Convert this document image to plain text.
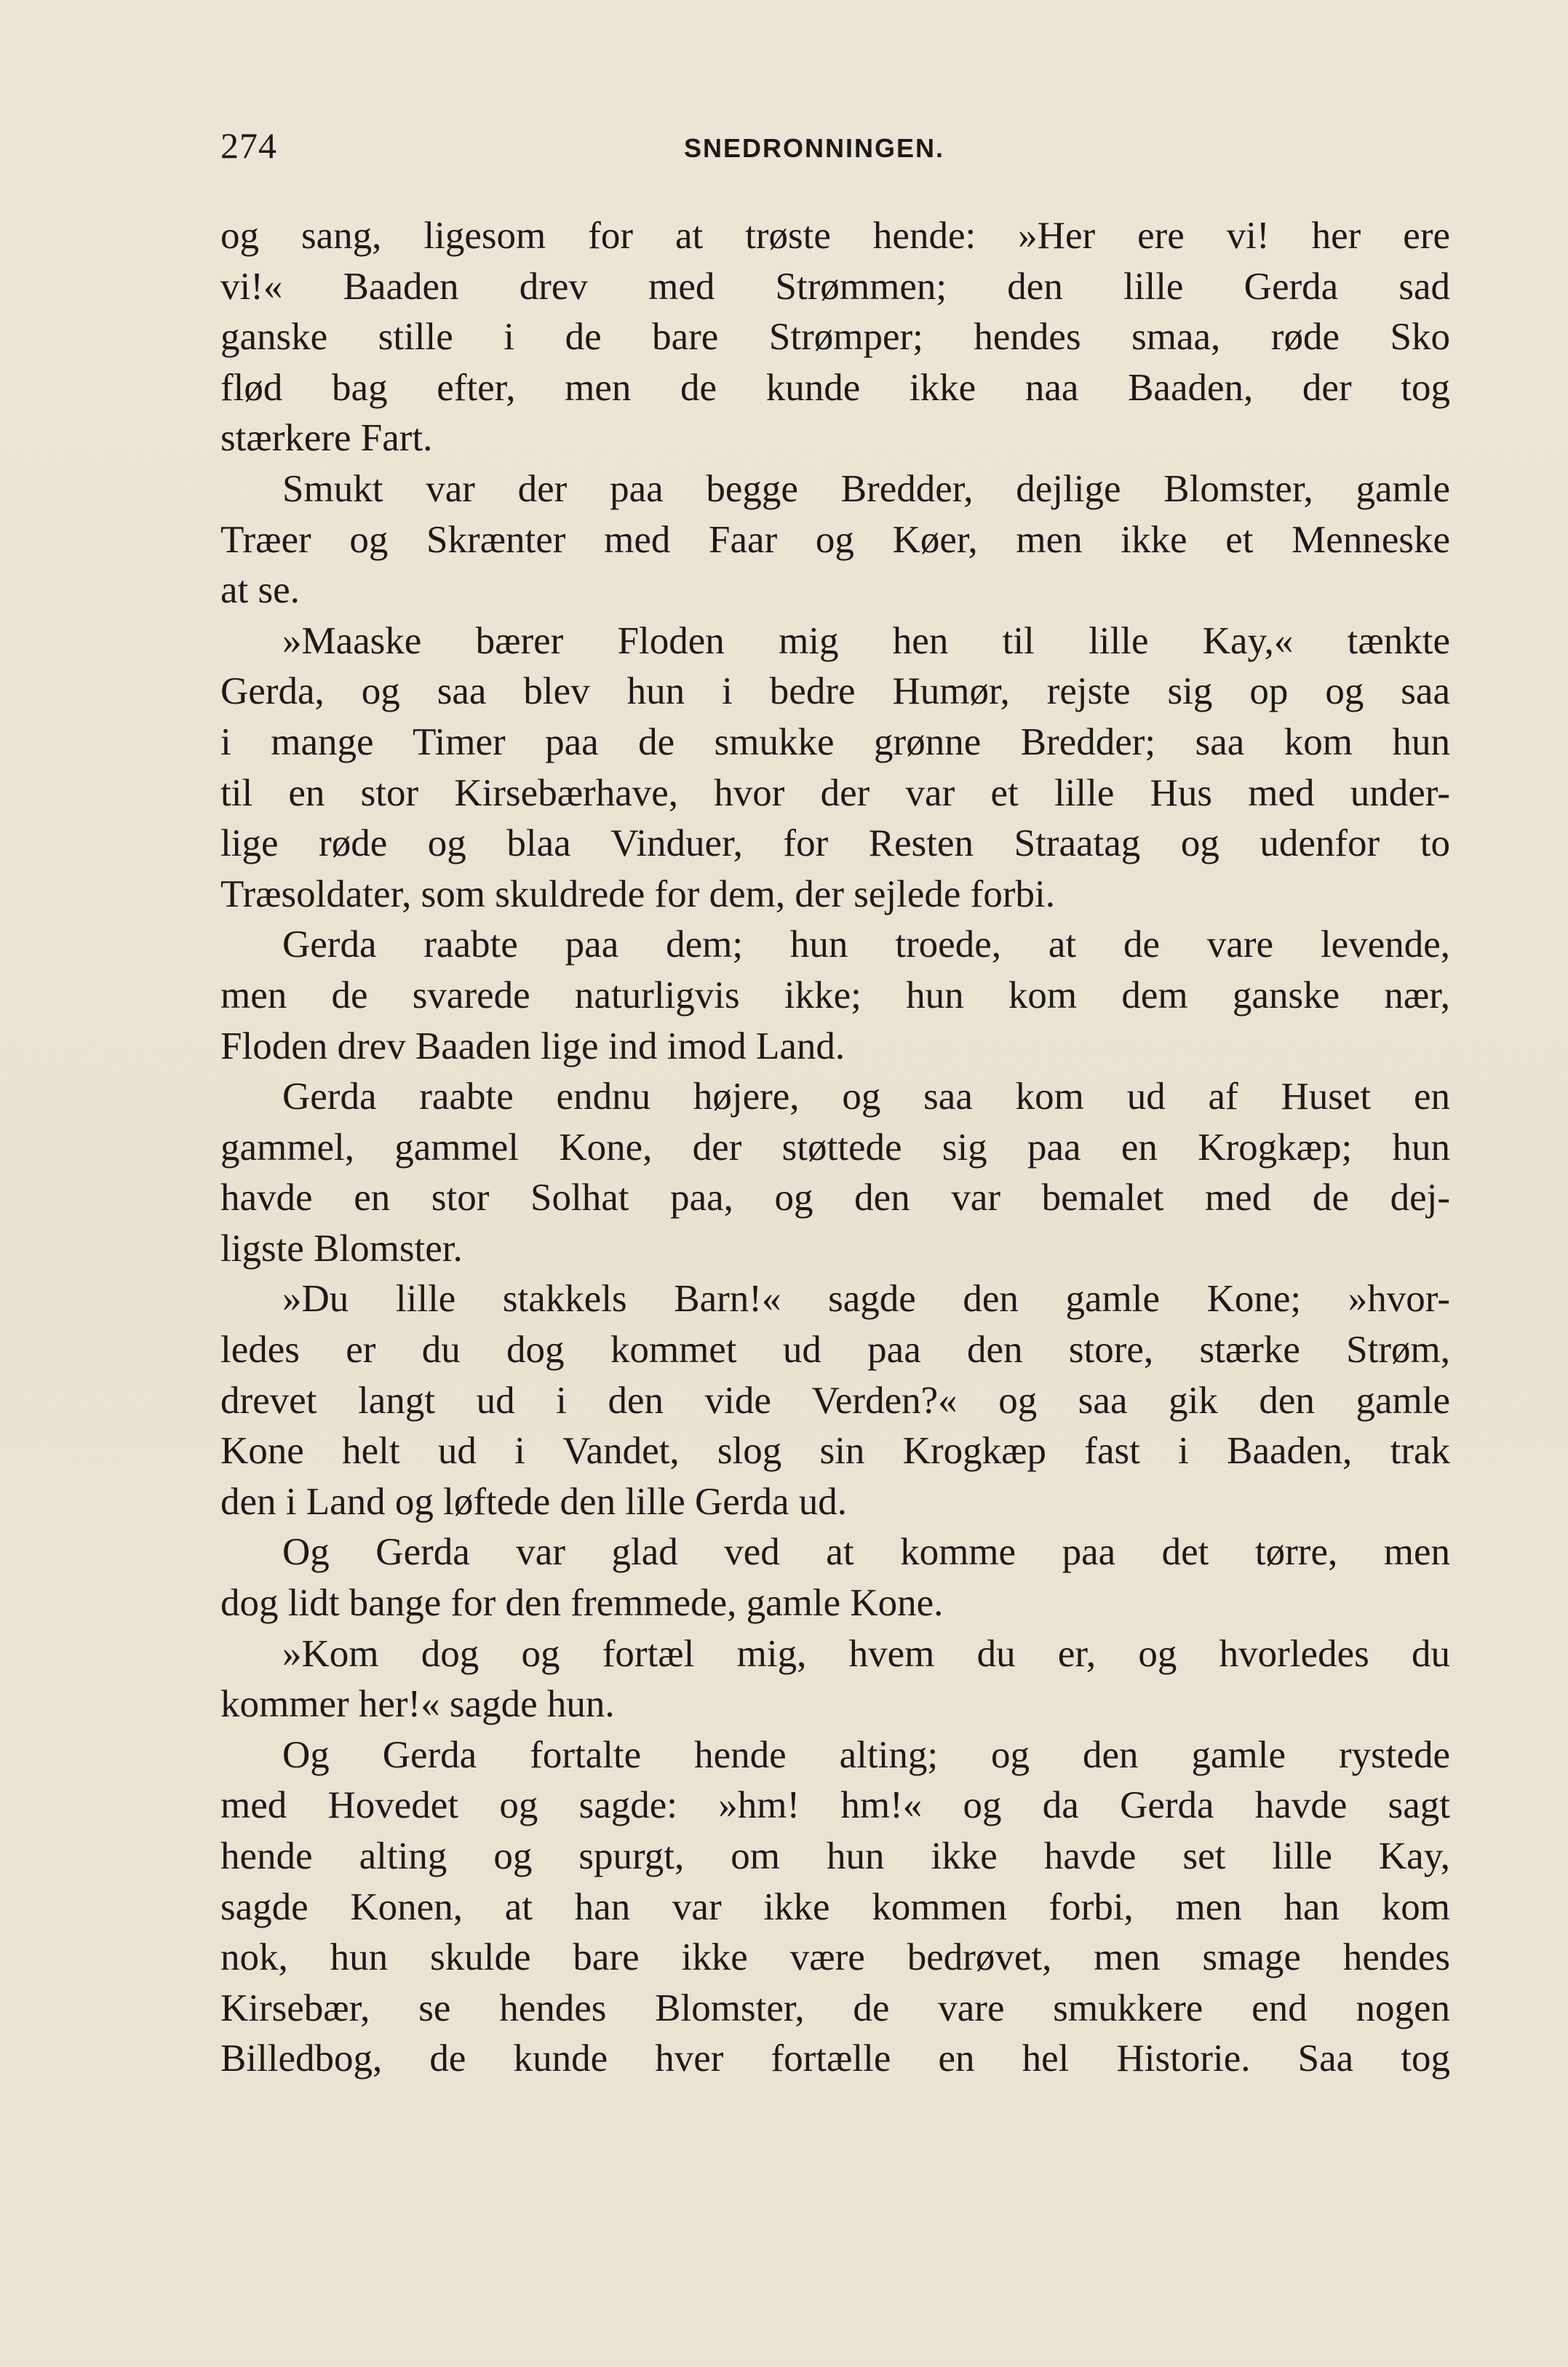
274	SNEDRONNINGEN.
og sang, ligesom for at trøste hende: »Her ere vi! her ere
vi!« Baaden drev med Strømmen; den lille Gerda sad
ganske stille i de bare Strømper; hendes smaa, røde Sko
flød bag efter, men de kunde ikke naa Baaden, der tog
stærkere Fart.
Smukt var der paa begge Bredder, dejlige Blomster, gamle
Træer og Skrænter med Faar og Køer, men ikke et Menneske
at se.
»Maaske bærer Floden mig hen til lille Kay,« tænkte
Gerda, og saa blev hun i bedre Humør, rejste sig op og saa
i mange Timer paa de smukke grønne Bredder; saa kom hun
til en stor Kirsebærhave, hvor der var et lille Hus med under-
lige røde og blaa Vinduer, for Resten Straatag og udenfor to
Træsoldater, som skuldrede for dem, der sejlede forbi.
Gerda raabte paa dem; hun troede, at de vare levende,
men de svarede naturligvis ikke; hun kom dem ganske nær,
Floden drev Baaden lige ind imod Land.
Gerda raabte endnu højere, og saa kom ud af Huset en
gammel, gammel Kone, der støttede sig paa en Krogkæp; hun
havde en stor Solhat paa, og den var bemalet med de dej-
ligste Blomster.
»Du lille stakkels Barn!« sagde den gamle Kone; »hvor-
ledes er du dog kommet ud paa den store, stærke Strøm,
drevet langt ud i den vide Verden?« og saa gik den gamle
Kone helt ud i Vandet, slog sin Krogkæp fast i Baaden, trak
den i Land og løftede den lille Gerda ud.
Og Gerda var glad ved at komme paa det tørre, men
dog lidt bange for den fremmede, gamle Kone.
»Kom dog og fortæl mig, hvem du er, og hvorledes du
kommer her!« sagde hun.
Og Gerda fortalte hende alting; og den gamle rystede
med Hovedet og sagde: »hm! hm!« og da Gerda havde sagt
hende alting og spurgt, om hun ikke havde set lille Kay,
sagde Konen, at han var ikke kommen forbi, men han kom
nok, hun skulde bare ikke være bedrøvet, men smage hendes
Kirsebær, se hendes Blomster, de vare smukkere end nogen
Billedbog, de kunde hver fortælle en hel Historie. Saa tog
